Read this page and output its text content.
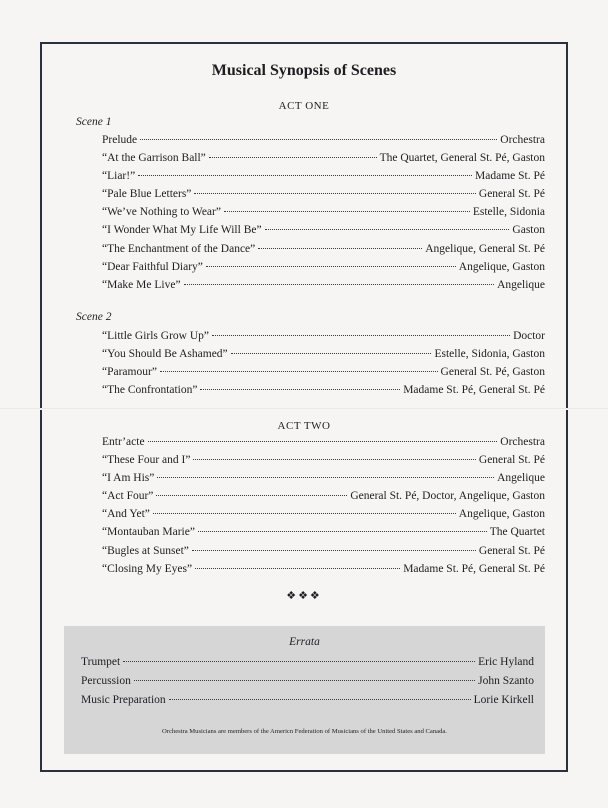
Musical Synopsis of Scenes
ACT ONE
Scene 1
Prelude	Orchestra
“At the Garrison Ball”	The Quartet, General St. Pé, Gaston
“Liar!”	Madame St. Pé
“Pale Blue Letters”	General St. Pé
“We’ve Nothing to Wear”	Estelle, Sidonia
“I Wonder What My Life Will Be”	Gaston
“The Enchantment of the Dance”	Angelique, General St. Pé
“Dear Faithful Diary”	Angelique, Gaston
“Make Me Live”	Angelique
Scene 2
“Little Girls Grow Up”	Doctor
“You Should Be Ashamed”	Estelle, Sidonia, Gaston
“Paramour”	General St. Pé, Gaston
“The Confrontation”	Madame St. Pé, General St. Pé
ACT TWO
Entr’acte	Orchestra
“These Four and I”	General St. Pé
“I Am His”	Angelique
“Act Four”	General St. Pé, Doctor, Angelique, Gaston
“And Yet”	Angelique, Gaston
“Montauban Marie”	The Quartet
“Bugles at Sunset”	General St. Pé
“Closing My Eyes”	Madame St. Pé, General St. Pé
❖❖❖
Errata
Trumpet	Eric Hyland
Percussion	John Szanto
Music Preparation	Lorie Kirkell
Orchestra Musicians are members of the Americn Federation of Musicians of the United States and Canada.
